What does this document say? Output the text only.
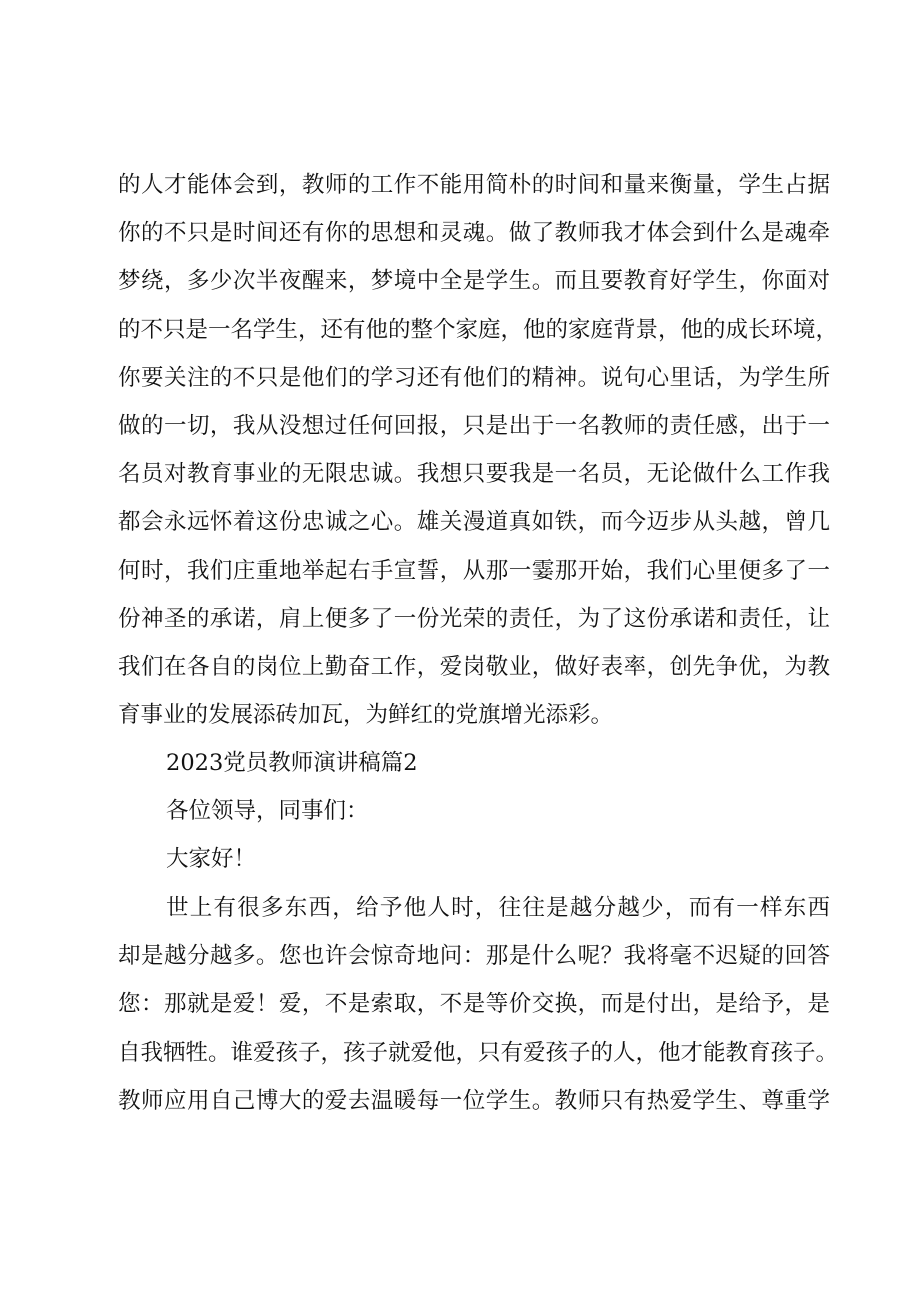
的人才能体会到，教师的工作不能用简朴的时间和量来衡量，学生占据
你的不只是时间还有你的思想和灵魂。做了教师我才体会到什么是魂牵
梦绕，多少次半夜醒来，梦境中全是学生。而且要教育好学生，你面对
的不只是一名学生，还有他的整个家庭，他的家庭背景，他的成长环境，
你要关注的不只是他们的学习还有他们的精神。说句心里话，为学生所
做的一切，我从没想过任何回报，只是出于一名教师的责任感，出于一
名员对教育事业的无限忠诚。我想只要我是一名员，无论做什么工作我
都会永远怀着这份忠诚之心。雄关漫道真如铁，而今迈步从头越，曾几
何时，我们庄重地举起右手宣誓，从那一霎那开始，我们心里便多了一
份神圣的承诺，肩上便多了一份光荣的责任，为了这份承诺和责任，让
我们在各自的岗位上勤奋工作，爱岗敬业，做好表率，创先争优，为教
育事业的发展添砖加瓦，为鲜红的党旗增光添彩。
2023党员教师演讲稿篇2
各位领导，同事们：
大家好！
世上有很多东西，给予他人时，往往是越分越少，而有一样东西
却是越分越多。您也许会惊奇地问：那是什么呢？我将毫不迟疑的回答
您：那就是爱！爱，不是索取，不是等价交换，而是付出，是给予，是
自我牺牲。谁爱孩子，孩子就爱他，只有爱孩子的人，他才能教育孩子。
教师应用自己博大的爱去温暖每一位学生。教师只有热爱学生、尊重学
